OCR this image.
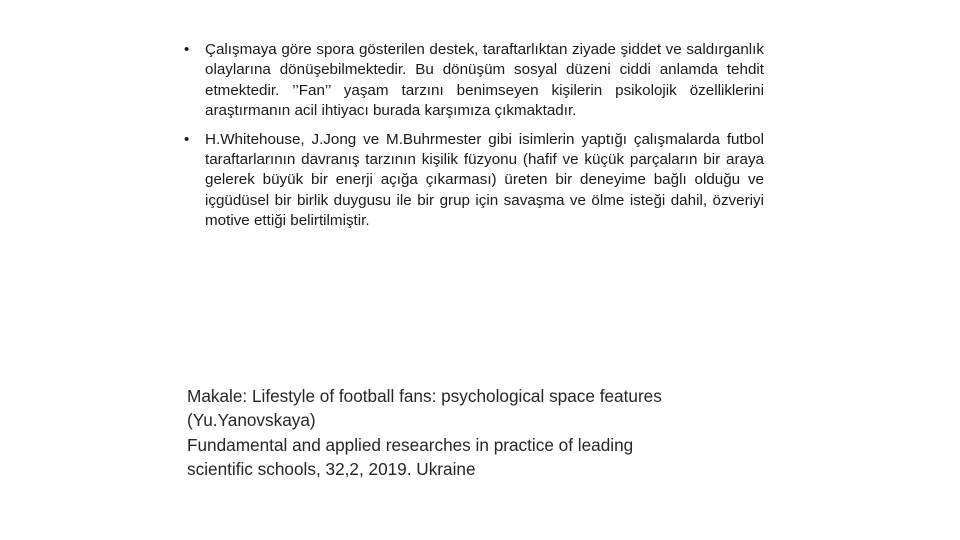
• Çalışmaya göre spora gösterilen destek, taraftarlıktan ziyade şiddet ve saldırganlık olaylarına dönüşebilmektedir. Bu dönüşüm sosyal düzeni ciddi anlamda tehdit etmektedir. ’’Fan’’ yaşam tarzını benimseyen kişilerin psikolojik özelliklerini araştırmanın acil ihtiyacı burada karşımıza çıkmaktadır.
• H.Whitehouse, J.Jong ve M.Buhrmester gibi isimlerin yaptığı çalışmalarda futbol taraftarlarının davranış tarzının kişilik füzyonu (hafif ve küçük parçaların bir araya gelerek büyük bir enerji açığa çıkarması) üreten bir deneyime bağlı olduğu ve içgüdüsel bir birlik duygusu ile bir grup için savaşma ve ölme isteği dahil, özveriyi motive ettiği belirtilmiştir.
Makale: Lifestyle of football fans: psychological space features
(Yu.Yanovskaya)
Fundamental and applied researches in practice of leading
scientific schools, 32,2, 2019. Ukraine
